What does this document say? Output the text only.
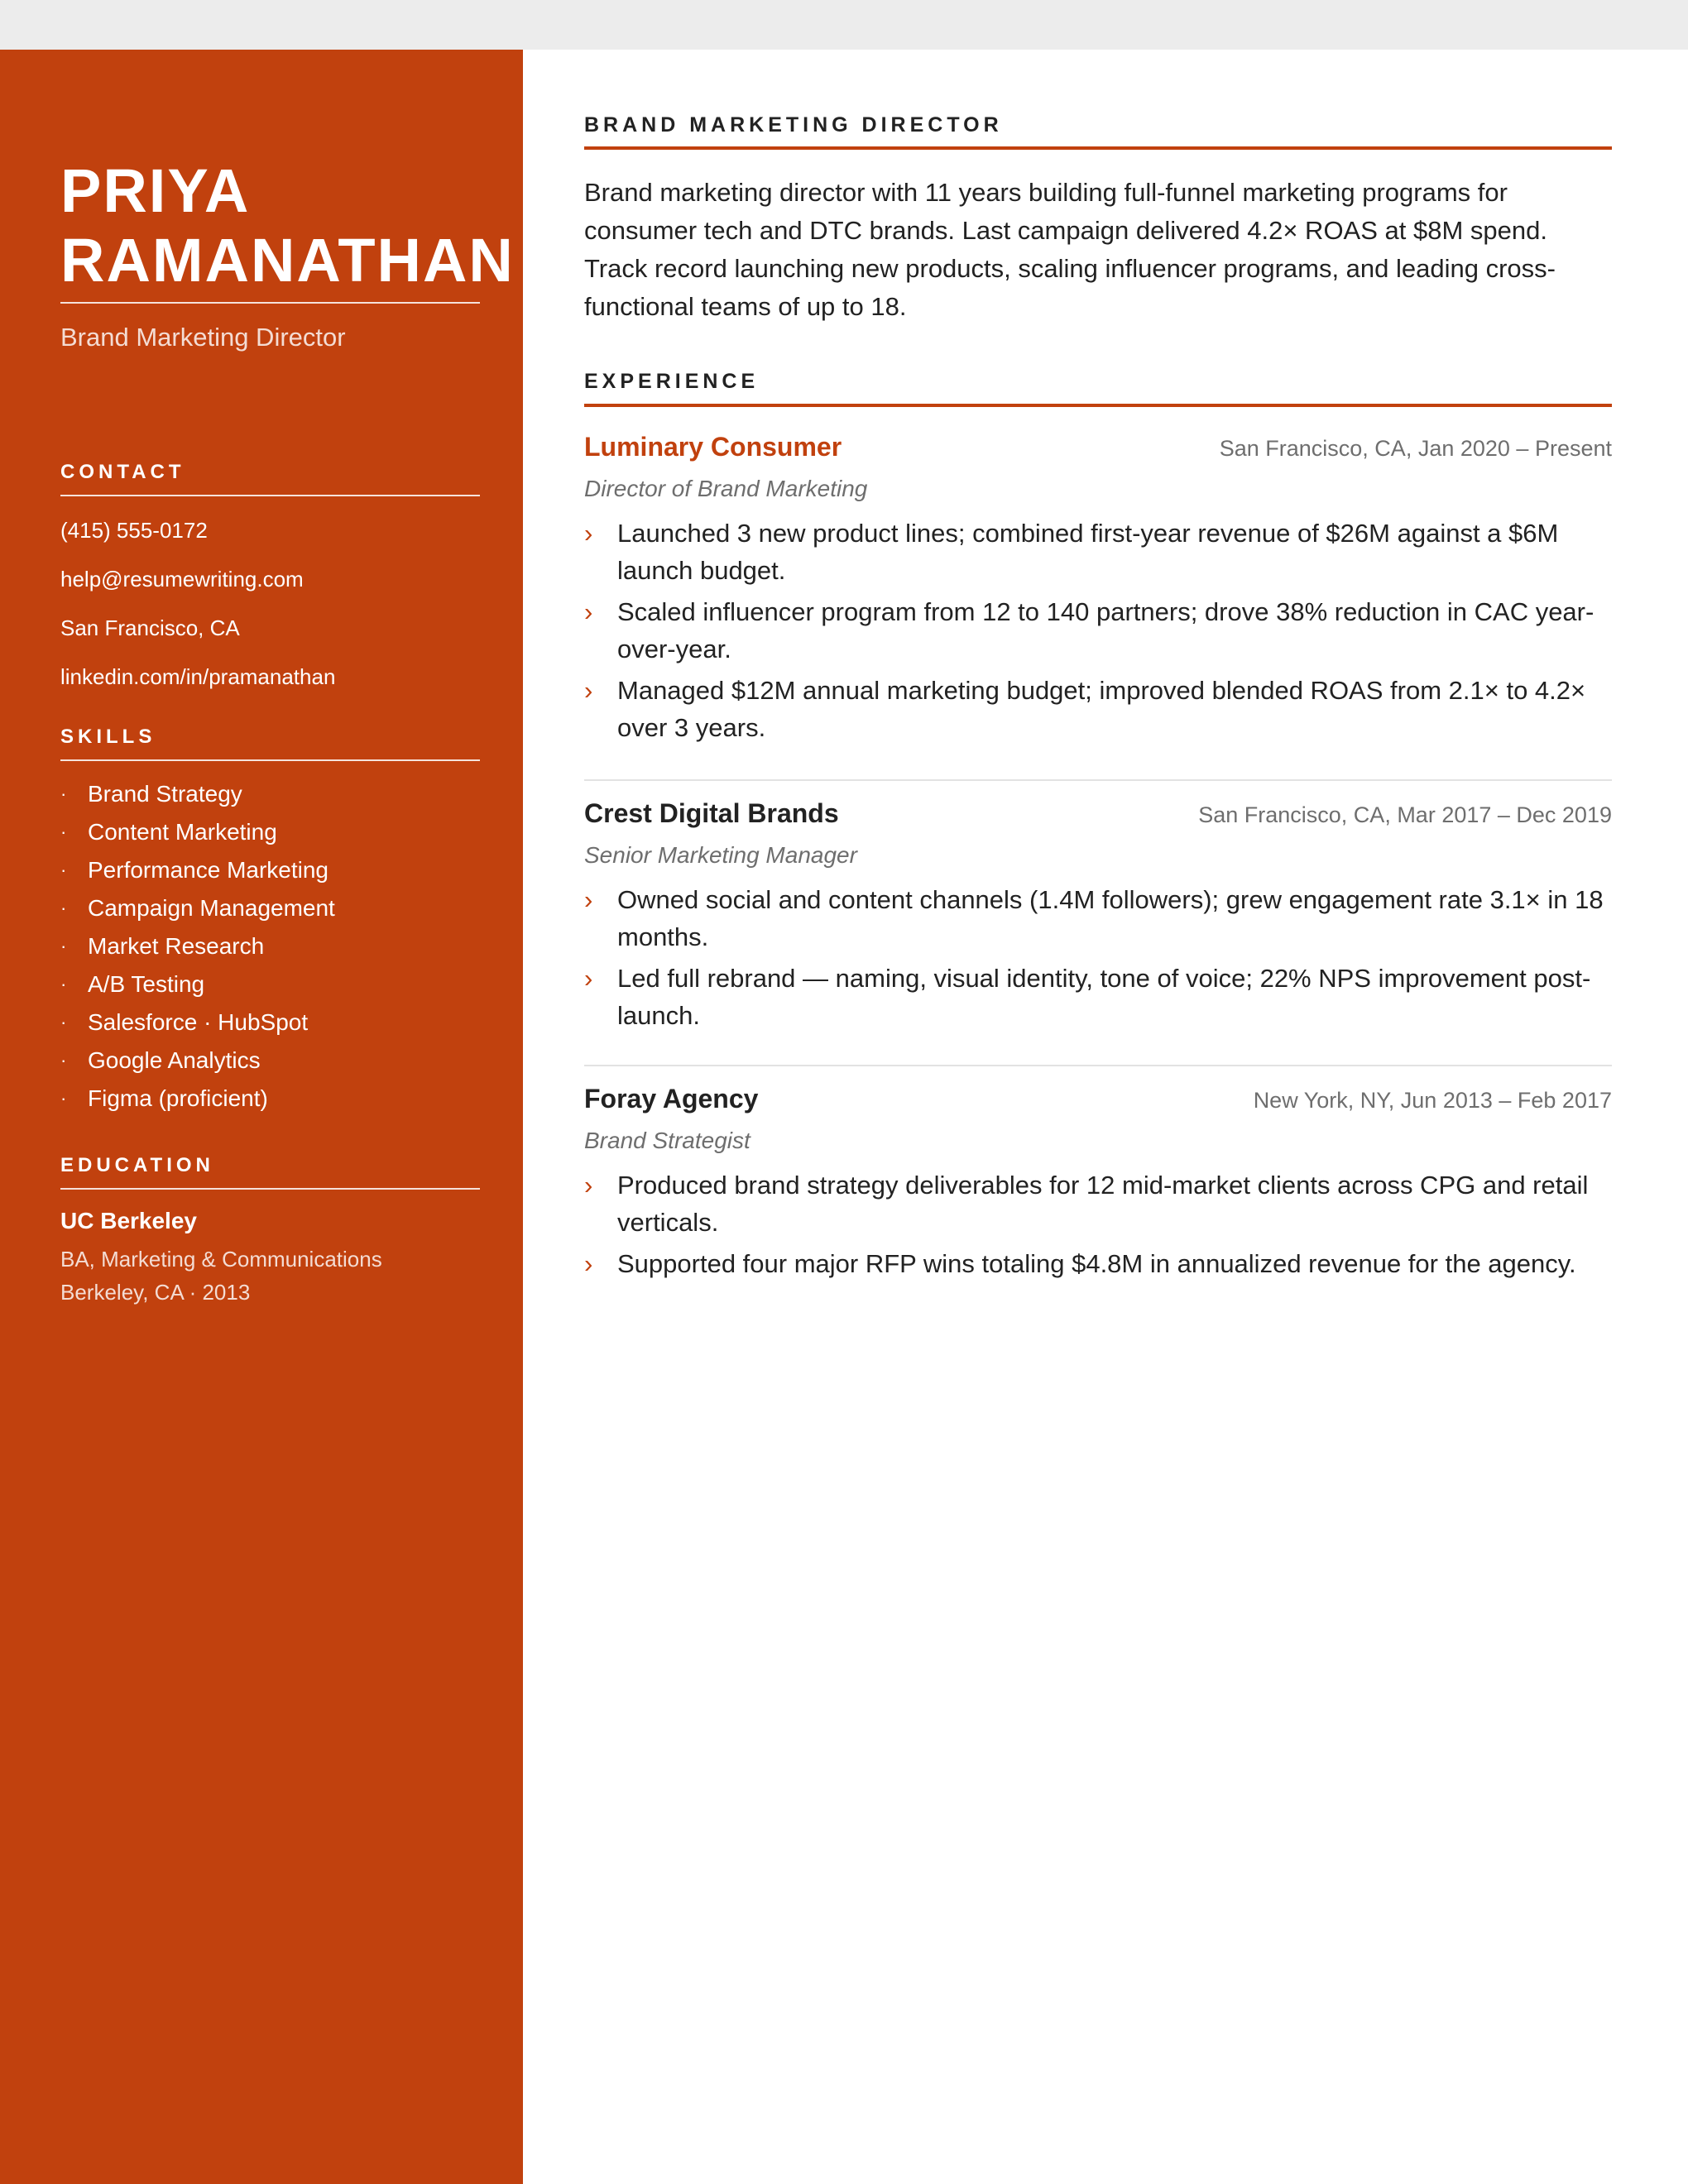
PRIYA
RAMANATHAN

Brand Marketing Director

CONTACT
(415) 555-0172
help@resumewriting.com
San Francisco, CA
linkedin.com/in/pramanathan
SKILLS
· Brand Strategy
· Content Marketing
· Performance Marketing
· Campaign Management
· Market Research
· A/B Testing
· Salesforce · HubSpot
· Google Analytics
· Figma (proficient)
EDUCATION
UC Berkeley
BA, Marketing & Communications
Berkeley, CA · 2013
BRAND MARKETING DIRECTOR

Brand marketing director with 11 years building full-funnel marketing programs for consumer tech and DTC brands. Last campaign delivered 4.2× ROAS at $8M spend. Track record launching new products, scaling influencer programs, and leading cross-functional teams of up to 18.

EXPERIENCE
Luminary Consumer	San Francisco, CA, Jan 2020 – Present
Director of Brand Marketing
› Launched 3 new product lines; combined first-year revenue of $26M against a $6M launch budget.
› Scaled influencer program from 12 to 140 partners; drove 38% reduction in CAC year-over-year.
› Managed $12M annual marketing budget; improved blended ROAS from 2.1× to 4.2× over 3 years.
Crest Digital Brands	San Francisco, CA, Mar 2017 – Dec 2019
Senior Marketing Manager
› Owned social and content channels (1.4M followers); grew engagement rate 3.1× in 18 months.
› Led full rebrand — naming, visual identity, tone of voice; 22% NPS improvement post-launch.
Foray Agency	New York, NY, Jun 2013 – Feb 2017
Brand Strategist
› Produced brand strategy deliverables for 12 mid-market clients across CPG and retail verticals.
› Supported four major RFP wins totaling $4.8M in annualized revenue for the agency.
